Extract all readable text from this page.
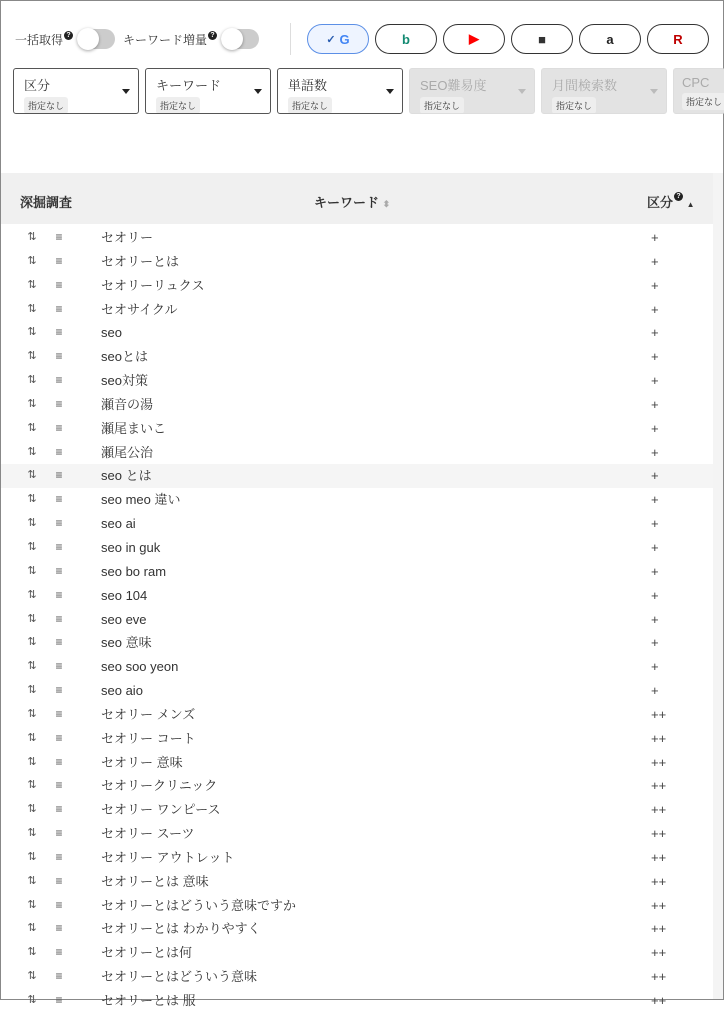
一括取得 ?	キーワード増量 ?	✓ G	b	▶	■	a	R
区分
指定なし
キーワード
指定なし
単語数
指定なし
SEO難易度
指定なし
月間検索数
指定なし
CPC
指定なし
深掘調査	キーワード ⬍	区分 ? ▲
⇅	≡	セオリー	+
⇅	≡	セオリーとは	+
⇅	≡	セオリーリュクス	+
⇅	≡	セオサイクル	+
⇅	≡	seo	+
⇅	≡	seoとは	+
⇅	≡	seo対策	+
⇅	≡	瀬音の湯	+
⇅	≡	瀬尾まいこ	+
⇅	≡	瀬尾公治	+
⇅	≡	seo とは	+
⇅	≡	seo meo 違い	+
⇅	≡	seo ai	+
⇅	≡	seo in guk	+
⇅	≡	seo bo ram	+
⇅	≡	seo 104	+
⇅	≡	seo eve	+
⇅	≡	seo 意味	+
⇅	≡	seo soo yeon	+
⇅	≡	seo aio	+
⇅	≡	セオリー メンズ	++
⇅	≡	セオリー コート	++
⇅	≡	セオリー 意味	++
⇅	≡	セオリークリニック	++
⇅	≡	セオリー ワンピース	++
⇅	≡	セオリー スーツ	++
⇅	≡	セオリー アウトレット	++
⇅	≡	セオリーとは 意味	++
⇅	≡	セオリーとはどういう意味ですか	++
⇅	≡	セオリーとは わかりやすく	++
⇅	≡	セオリーとは何	++
⇅	≡	セオリーとはどういう意味	++
⇅	≡	セオリーとは 服	++
